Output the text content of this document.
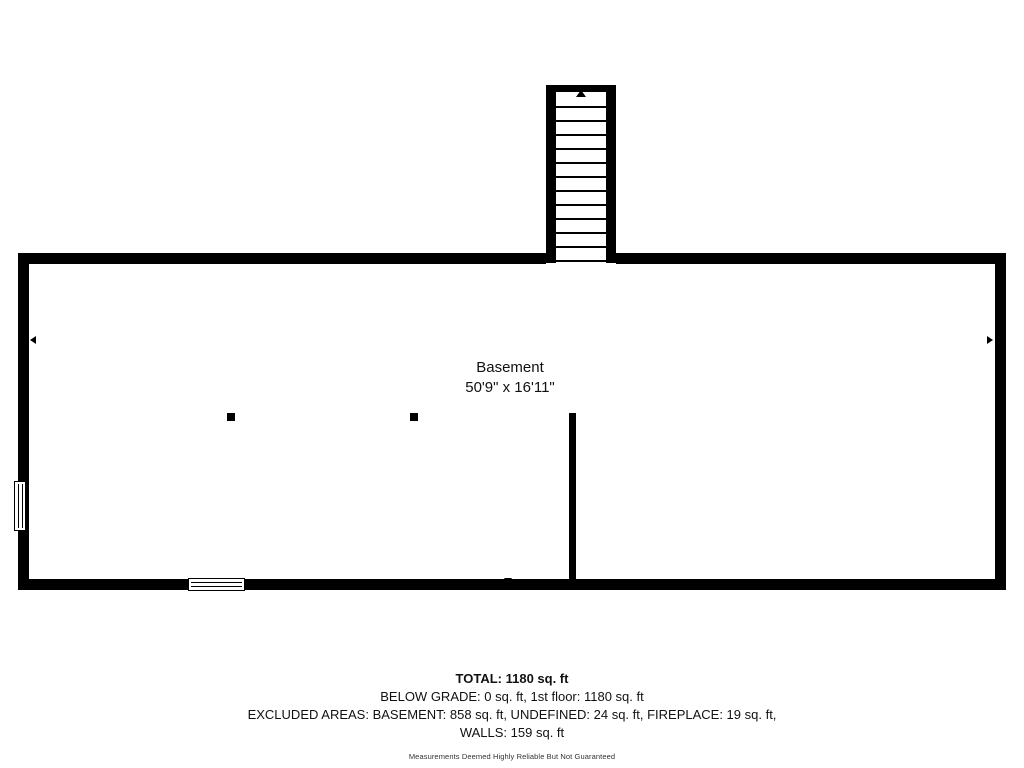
Basement
50'9" x 16'11"
TOTAL: 1180 sq. ft
BELOW GRADE: 0 sq. ft, 1st floor: 1180 sq. ft
EXCLUDED AREAS: BASEMENT: 858 sq. ft, UNDEFINED: 24 sq. ft, FIREPLACE: 19 sq. ft,
WALLS: 159 sq. ft
Measurements Deemed Highly Reliable But Not Guaranteed
